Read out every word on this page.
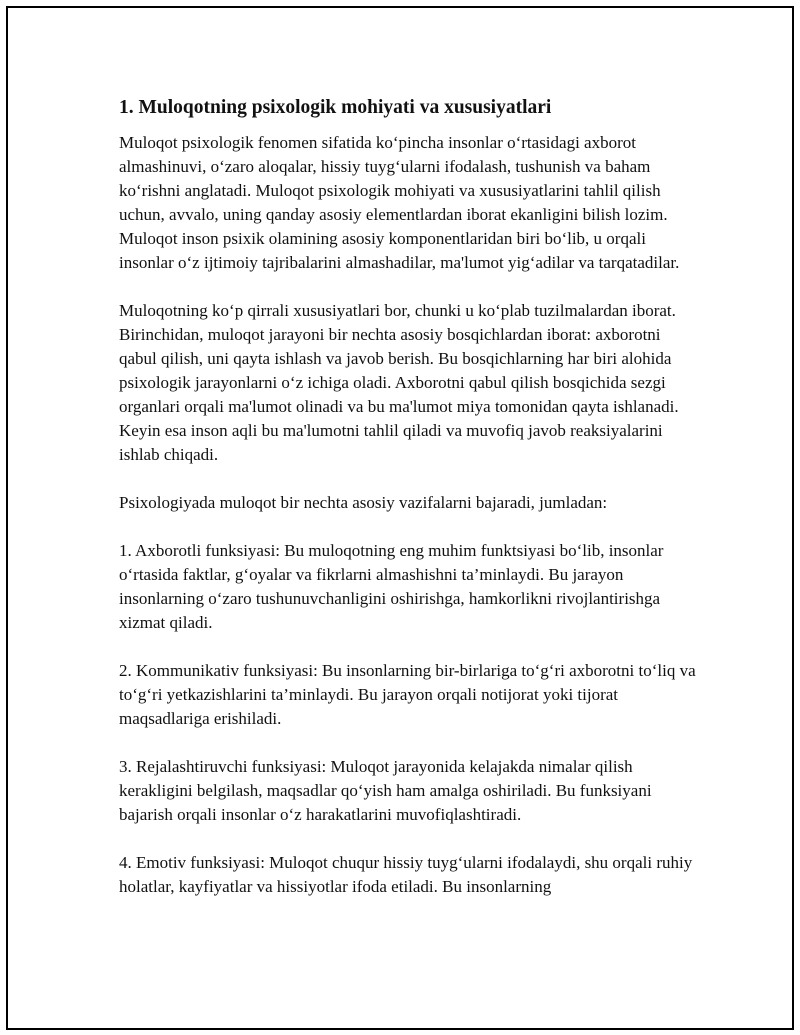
1. Muloqotning psixologik mohiyati va xususiyatlari

Muloqot psixologik fenomen sifatida ko‘pincha insonlar o‘rtasidagi axborot almashinuvi, o‘zaro aloqalar, hissiy tuyg‘ularni ifodalash, tushunish va baham ko‘rishni anglatadi. Muloqot psixologik mohiyati va xususiyatlarini tahlil qilish uchun, avvalo, uning qanday asosiy elementlardan iborat ekanligini bilish lozim. Muloqot inson psixik olamining asosiy komponentlaridan biri bo‘lib, u orqali insonlar o‘z ijtimoiy tajribalarini almashadilar, ma'lumot yig‘adilar va tarqatadilar.

Muloqotning ko‘p qirrali xususiyatlari bor, chunki u ko‘plab tuzilmalardan iborat. Birinchidan, muloqot jarayoni bir nechta asosiy bosqichlardan iborat: axborotni qabul qilish, uni qayta ishlash va javob berish. Bu bosqichlarning har biri alohida psixologik jarayonlarni o‘z ichiga oladi. Axborotni qabul qilish bosqichida sezgi organlari orqali ma'lumot olinadi va bu ma'lumot miya tomonidan qayta ishlanadi. Keyin esa inson aqli bu ma'lumotni tahlil qiladi va muvofiq javob reaksiyalarini ishlab chiqadi.

Psixologiyada muloqot bir nechta asosiy vazifalarni bajaradi, jumladan:

1. Axborotli funksiyasi: Bu muloqotning eng muhim funktsiyasi bo‘lib, insonlar o‘rtasida faktlar, g‘oyalar va fikrlarni almashishni ta’minlaydi. Bu jarayon insonlarning o‘zaro tushunuvchanligini oshirishga, hamkorlikni rivojlantirishga xizmat qiladi.

2. Kommunikativ funksiyasi: Bu insonlarning bir-birlariga to‘g‘ri axborotni to‘liq va to‘g‘ri yetkazishlarini ta’minlaydi. Bu jarayon orqali notijorat yoki tijorat maqsadlariga erishiladi.

3. Rejalashtiruvchi funksiyasi: Muloqot jarayonida kelajakda nimalar qilish kerakligini belgilash, maqsadlar qo‘yish ham amalga oshiriladi. Bu funksiyani bajarish orqali insonlar o‘z harakatlarini muvofiqlashtiradi.

4. Emotiv funksiyasi: Muloqot chuqur hissiy tuyg‘ularni ifodalaydi, shu orqali ruhiy holatlar, kayfiyatlar va hissiyotlar ifoda etiladi. Bu insonlarning
